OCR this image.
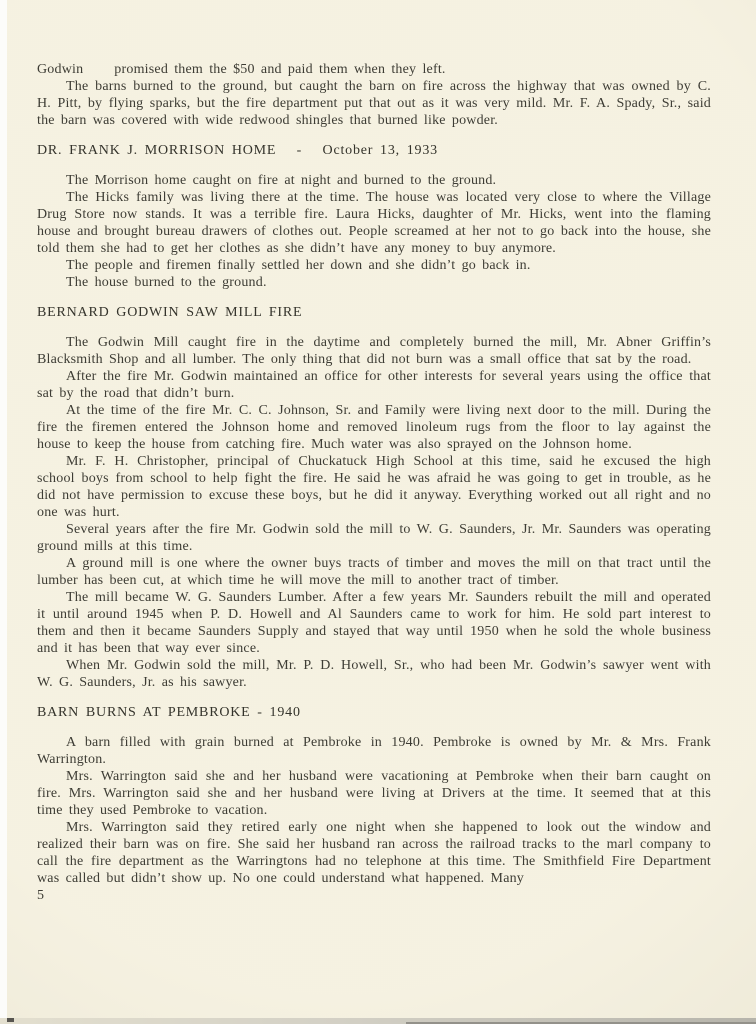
Godwin     promised them the $50 and paid them when they left.

The barns burned to the ground, but caught the barn on fire across the highway that was owned by C. H. Pitt, by flying sparks, but the fire department put that out as it was very mild. Mr. F. A. Spady, Sr., said the barn was covered with wide redwood shingles that burned like powder.

DR. FRANK J. MORRISON HOME   -   October 13, 1933

The Morrison home caught on fire at night and burned to the ground.

The Hicks family was living there at the time. The house was located very close to where the Village Drug Store now stands. It was a terrible fire. Laura Hicks, daughter of Mr. Hicks, went into the flaming house and brought bureau drawers of clothes out. People screamed at her not to go back into the house, she told them she had to get her clothes as she didn’t have any money to buy anymore.

The people and firemen finally settled her down and she didn’t go back in.

The house burned to the ground.

BERNARD GODWIN SAW MILL FIRE

The Godwin Mill caught fire in the daytime and completely burned the mill, Mr. Abner Griffin’s Blacksmith Shop and all lumber. The only thing that did not burn was a small office that sat by the road.

After the fire Mr. Godwin maintained an office for other interests for several years using the office that sat by the road that didn’t burn.

At the time of the fire Mr. C. C. Johnson, Sr. and Family were living next door to the mill. During the fire the firemen entered the Johnson home and removed linoleum rugs from the floor to lay against the house to keep the house from catching fire. Much water was also sprayed on the Johnson home.

Mr. F. H. Christopher, principal of Chuckatuck High School at this time, said he excused the high school boys from school to help fight the fire. He said he was afraid he was going to get in trouble, as he did not have permission to excuse these boys, but he did it anyway. Everything worked out all right and no one was hurt.

Several years after the fire Mr. Godwin sold the mill to W. G. Saunders, Jr. Mr. Saunders was operating ground mills at this time.

A ground mill is one where the owner buys tracts of timber and moves the mill on that tract until the lumber has been cut, at which time he will move the mill to another tract of timber.

The mill became W. G. Saunders Lumber. After a few years Mr. Saunders rebuilt the mill and operated it until around 1945 when P. D. Howell and Al Saunders came to work for him. He sold part interest to them and then it became Saunders Supply and stayed that way until 1950 when he sold the whole business and it has been that way ever since.

When Mr. Godwin sold the mill, Mr. P. D. Howell, Sr., who had been Mr. Godwin’s sawyer went with W. G. Saunders, Jr. as his sawyer.

BARN BURNS AT PEMBROKE - 1940

A barn filled with grain burned at Pembroke in 1940. Pembroke is owned by Mr. & Mrs. Frank Warrington.

Mrs. Warrington said she and her husband were vacationing at Pembroke when their barn caught on fire. Mrs. Warrington said she and her husband were living at Drivers at the time. It seemed that at this time they used Pembroke to vacation.

Mrs. Warrington said they retired early one night when she happened to look out the window and realized their barn was on fire. She said her husband ran across the railroad tracks to the marl company to call the fire department as the Warringtons had no telephone at this time. The Smithfield Fire Department was called but didn’t show up. No one could understand what happened. Many

5
